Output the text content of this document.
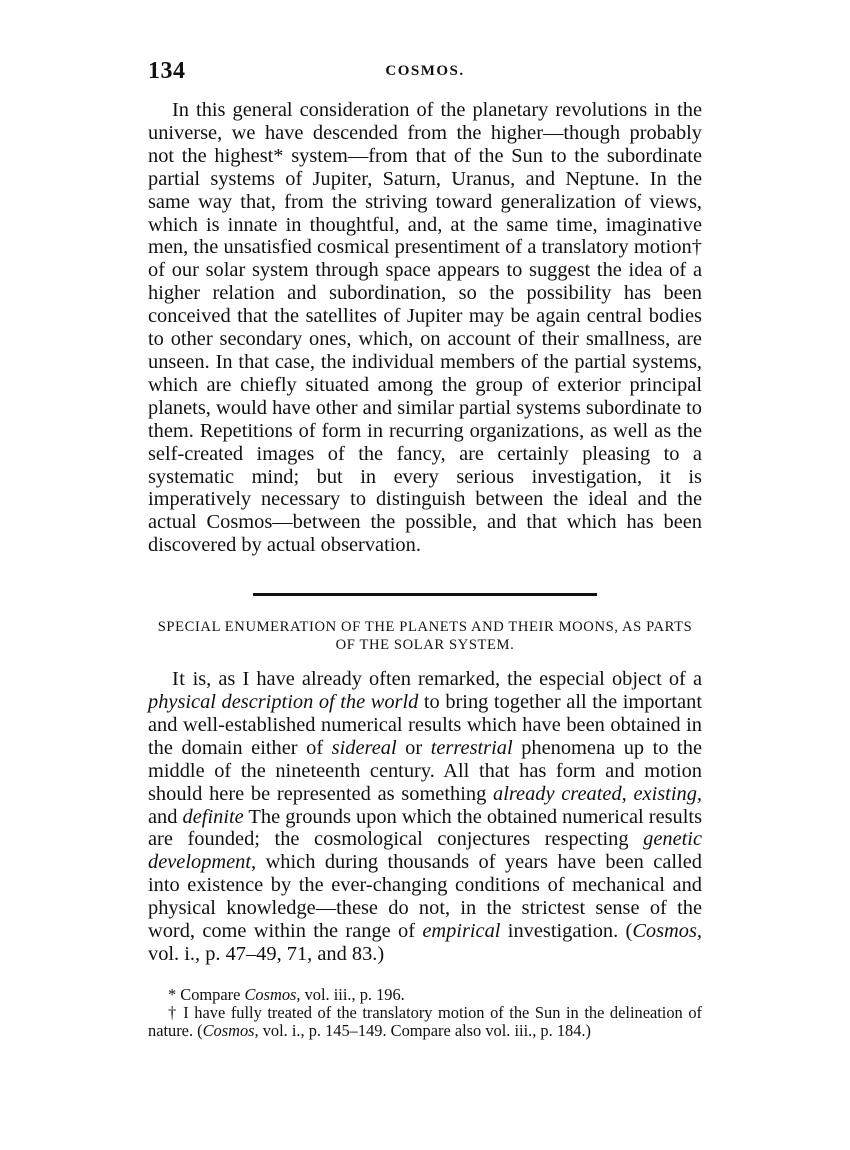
134	COSMOS.

In this general consideration of the planetary revolutions in the universe, we have descended from the higher—though probably not the highest* system—from that of the Sun to the subordinate partial systems of Jupiter, Saturn, Uranus, and Neptune. In the same way that, from the striving toward generalization of views, which is innate in thoughtful, and, at the same time, imaginative men, the unsatisfied cosmical presentiment of a translatory motion† of our solar system through space appears to suggest the idea of a higher relation and subordination, so the possibility has been conceived that the satellites of Jupiter may be again central bodies to other secondary ones, which, on account of their smallness, are unseen. In that case, the individual members of the partial systems, which are chiefly situated among the group of exterior principal planets, would have other and similar partial systems subordinate to them. Repetitions of form in recurring organizations, as well as the self-created images of the fancy, are certainly pleasing to a systematic mind; but in every serious investigation, it is imperatively necessary to distinguish between the ideal and the actual Cosmos—between the possible, and that which has been discovered by actual observation.

SPECIAL ENUMERATION OF THE PLANETS AND THEIR MOONS, AS PARTS OF THE SOLAR SYSTEM.

It is, as I have already often remarked, the especial object of a physical description of the world to bring together all the important and well-established numerical results which have been obtained in the domain either of sidereal or terrestrial phenomena up to the middle of the nineteenth century. All that has form and motion should here be represented as something already created, existing, and definite The grounds upon which the obtained numerical results are founded; the cosmological conjectures respecting genetic development, which during thousands of years have been called into existence by the ever-changing conditions of mechanical and physical knowledge—these do not, in the strictest sense of the word, come within the range of empirical investigation. (Cosmos, vol. i., p. 47–49, 71, and 83.)

* Compare Cosmos, vol. iii., p. 196.

† I have fully treated of the translatory motion of the Sun in the delineation of nature. (Cosmos, vol. i., p. 145–149. Compare also vol. iii., p. 184.)
